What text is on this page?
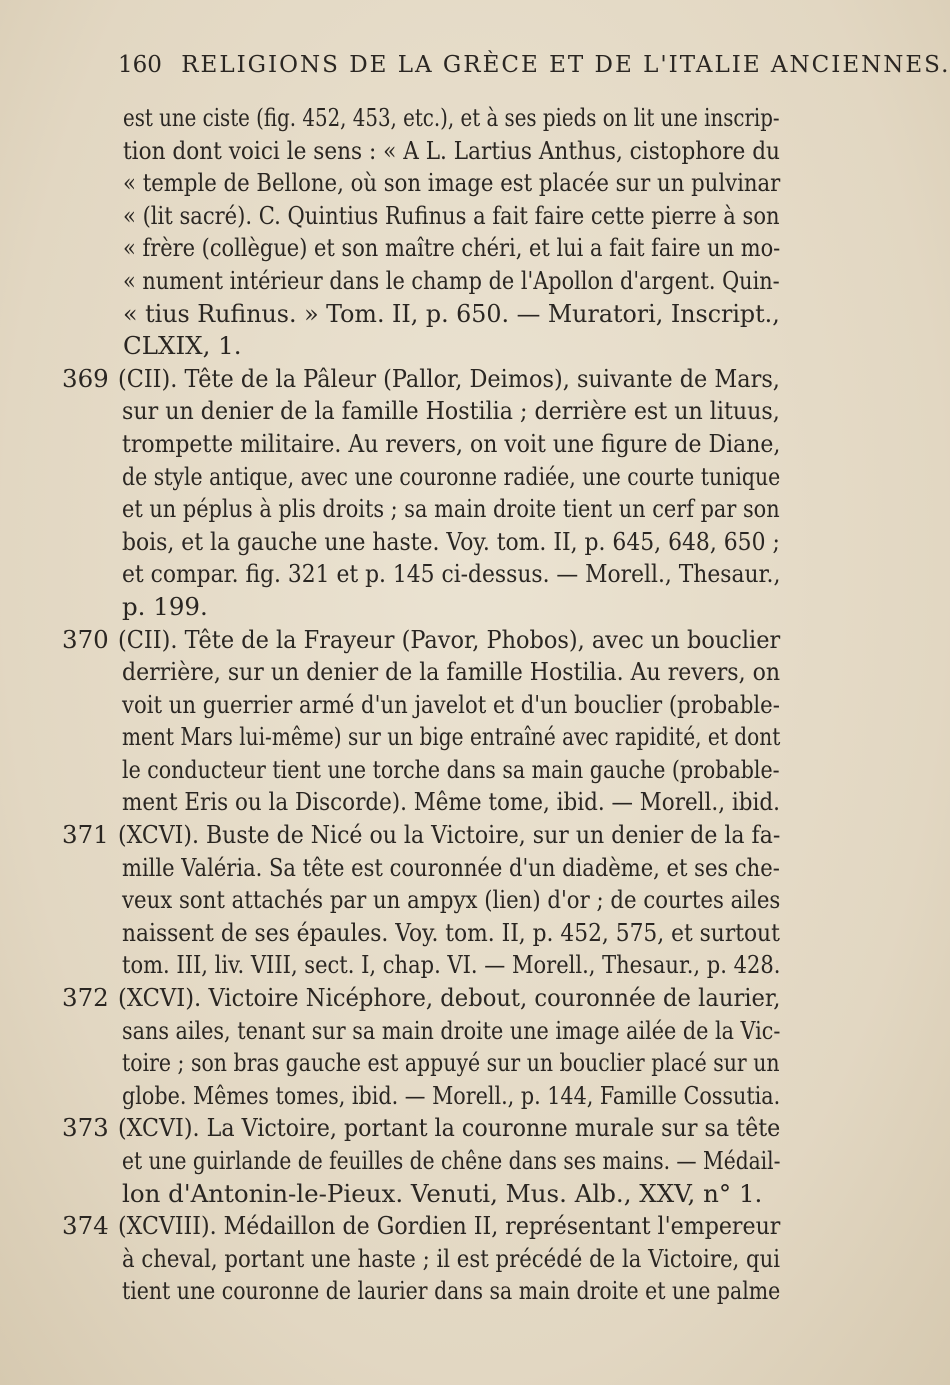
160 RELIGIONS DE LA GRÈCE ET DE L'ITALIE ANCIENNES.
est une ciste (fig. 452, 453, etc.), et à ses pieds on lit une inscrip-
tion dont voici le sens : « A L. Lartius Anthus, cistophore du
« temple de Bellone, où son image est placée sur un pulvinar
« (lit sacré). C. Quintius Rufinus a fait faire cette pierre à son
« frère (collègue) et son maître chéri, et lui a fait faire un mo-
« nument intérieur dans le champ de l'Apollon d'argent. Quin-
« tius Rufinus. » Tom. II, p. 650. — Muratori, Inscript.,
CLXIX, 1.
369 (CII). Tête de la Pâleur (Pallor, Deimos), suivante de Mars,
sur un denier de la famille Hostilia ; derrière est un lituus,
trompette militaire. Au revers, on voit une figure de Diane,
de style antique, avec une couronne radiée, une courte tunique
et un péplus à plis droits ; sa main droite tient un cerf par son
bois, et la gauche une haste. Voy. tom. II, p. 645, 648, 650 ;
et compar. fig. 321 et p. 145 ci-dessus. — Morell., Thesaur.,
p. 199.
370 (CII). Tête de la Frayeur (Pavor, Phobos), avec un bouclier
derrière, sur un denier de la famille Hostilia. Au revers, on
voit un guerrier armé d'un javelot et d'un bouclier (probable-
ment Mars lui-même) sur un bige entraîné avec rapidité, et dont
le conducteur tient une torche dans sa main gauche (probable-
ment Eris ou la Discorde). Même tome, ibid. — Morell., ibid.
371 (XCVI). Buste de Nicé ou la Victoire, sur un denier de la fa-
mille Valéria. Sa tête est couronnée d'un diadème, et ses che-
veux sont attachés par un ampyx (lien) d'or ; de courtes ailes
naissent de ses épaules. Voy. tom. II, p. 452, 575, et surtout
tom. III, liv. VIII, sect. I, chap. VI. — Morell., Thesaur., p. 428.
372 (XCVI). Victoire Nicéphore, debout, couronnée de laurier,
sans ailes, tenant sur sa main droite une image ailée de la Vic-
toire ; son bras gauche est appuyé sur un bouclier placé sur un
globe. Mêmes tomes, ibid. — Morell., p. 144, Famille Cossutia.
373 (XCVI). La Victoire, portant la couronne murale sur sa tête
et une guirlande de feuilles de chêne dans ses mains. — Médail-
lon d'Antonin-le-Pieux. Venuti, Mus. Alb., XXV, n° 1.
374 (XCVIII). Médaillon de Gordien II, représentant l'empereur
à cheval, portant une haste ; il est précédé de la Victoire, qui
tient une couronne de laurier dans sa main droite et une palme
